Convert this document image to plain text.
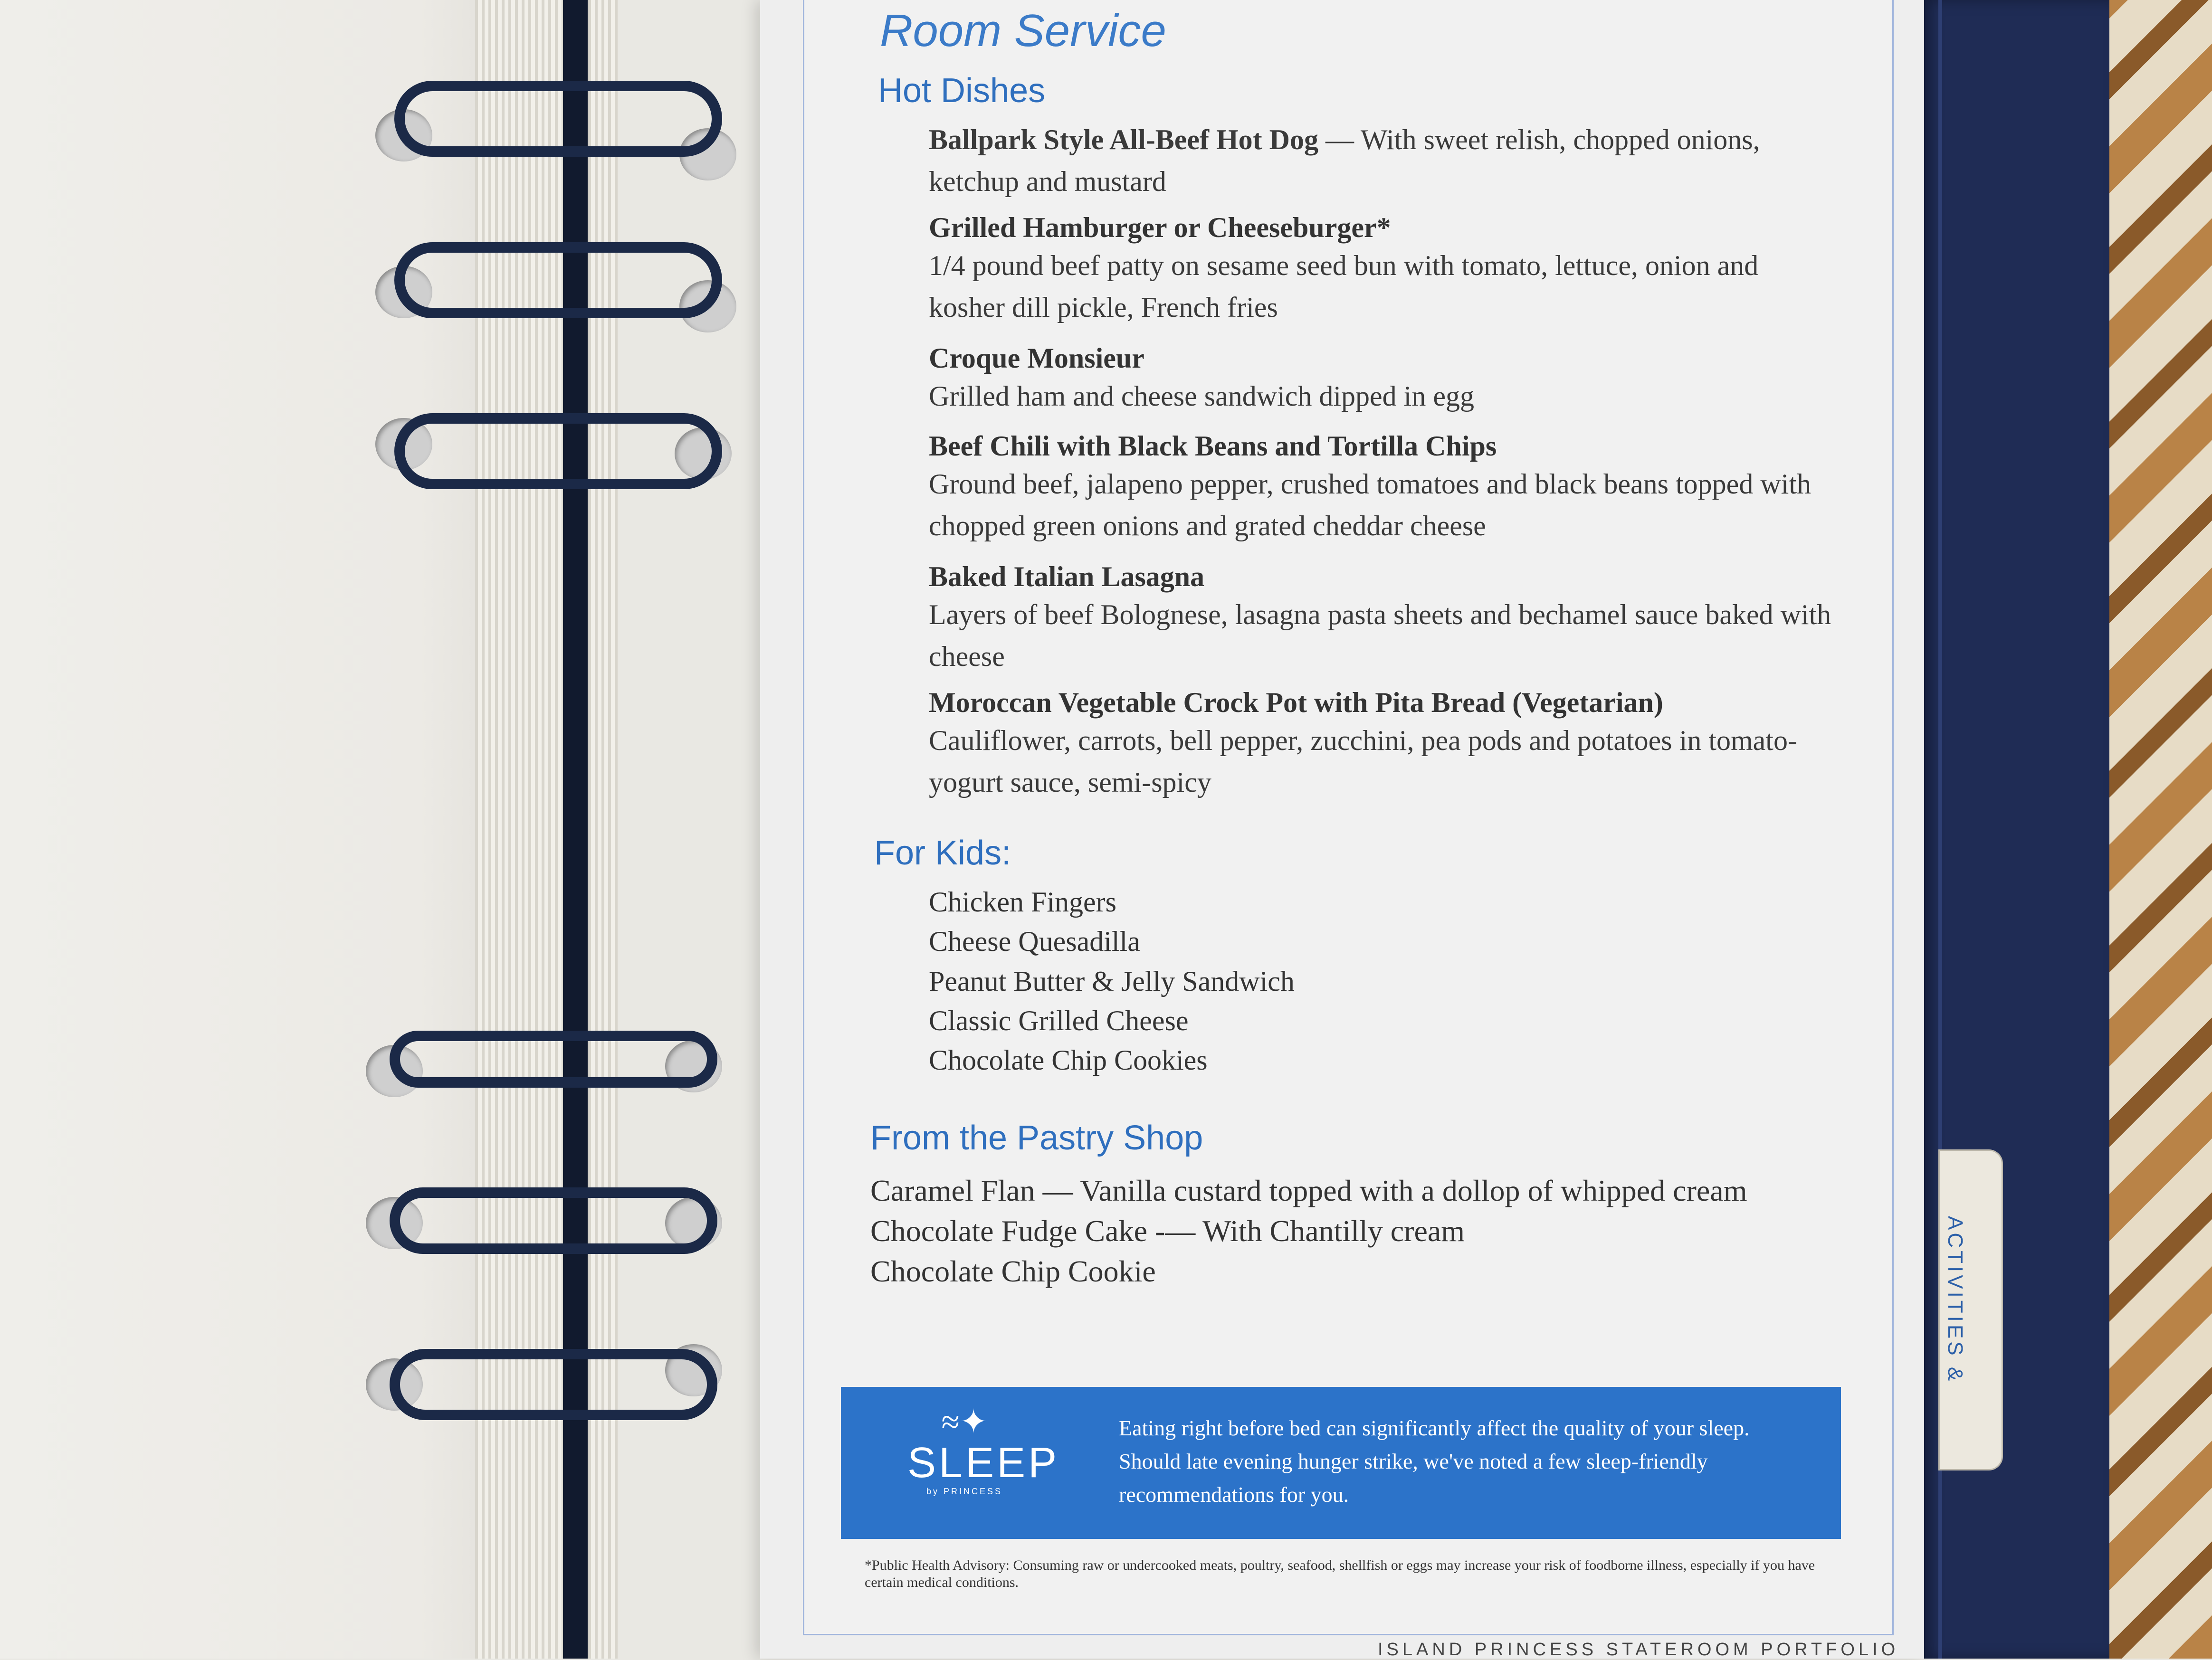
Room Service
Hot Dishes
Ballpark Style All-Beef Hot Dog — With sweet relish, chopped onions, ketchup and mustard
Grilled Hamburger or Cheeseburger*
1/4 pound beef patty on sesame seed bun with tomato, lettuce, onion and kosher dill pickle, French fries
Croque Monsieur
Grilled ham and cheese sandwich dipped in egg
Beef Chili with Black Beans and Tortilla Chips
Ground beef, jalapeno pepper, crushed tomatoes and black beans topped with chopped green onions and grated cheddar cheese
Baked Italian Lasagna
Layers of beef Bolognese, lasagna pasta sheets and bechamel sauce baked with cheese
Moroccan Vegetable Crock Pot with Pita Bread (Vegetarian)
Cauliflower, carrots, bell pepper, zucchini, pea pods and potatoes in tomato-yogurt sauce, semi-spicy
For Kids:
Chicken Fingers
Cheese Quesadilla
Peanut Butter & Jelly Sandwich
Classic Grilled Cheese
Chocolate Chip Cookies
From the Pastry Shop
Caramel Flan — Vanilla custard topped with a dollop of whipped cream
Chocolate Fudge Cake -— With Chantilly cream
Chocolate Chip Cookie
≈✦
SLEEP
by PRINCESS
Eating right before bed can significantly affect the quality of your sleep. Should late evening hunger strike, we've noted a few sleep-friendly recommendations for you.
*Public Health Advisory: Consuming raw or undercooked meats, poultry, seafood, shellfish or eggs may increase your risk of foodborne illness, especially if you have certain medical conditions.
ISLAND PRINCESS STATEROOM PORTFOLIO
ACTIVITIES &
